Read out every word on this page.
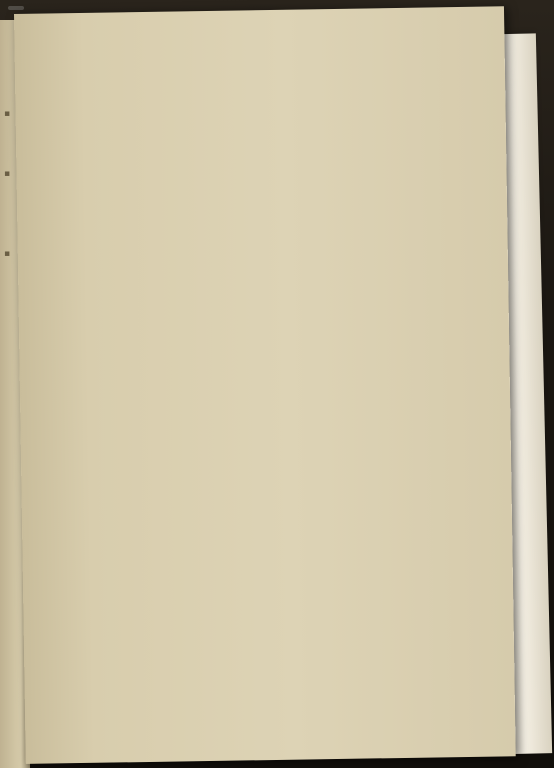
▪
▪
▪
